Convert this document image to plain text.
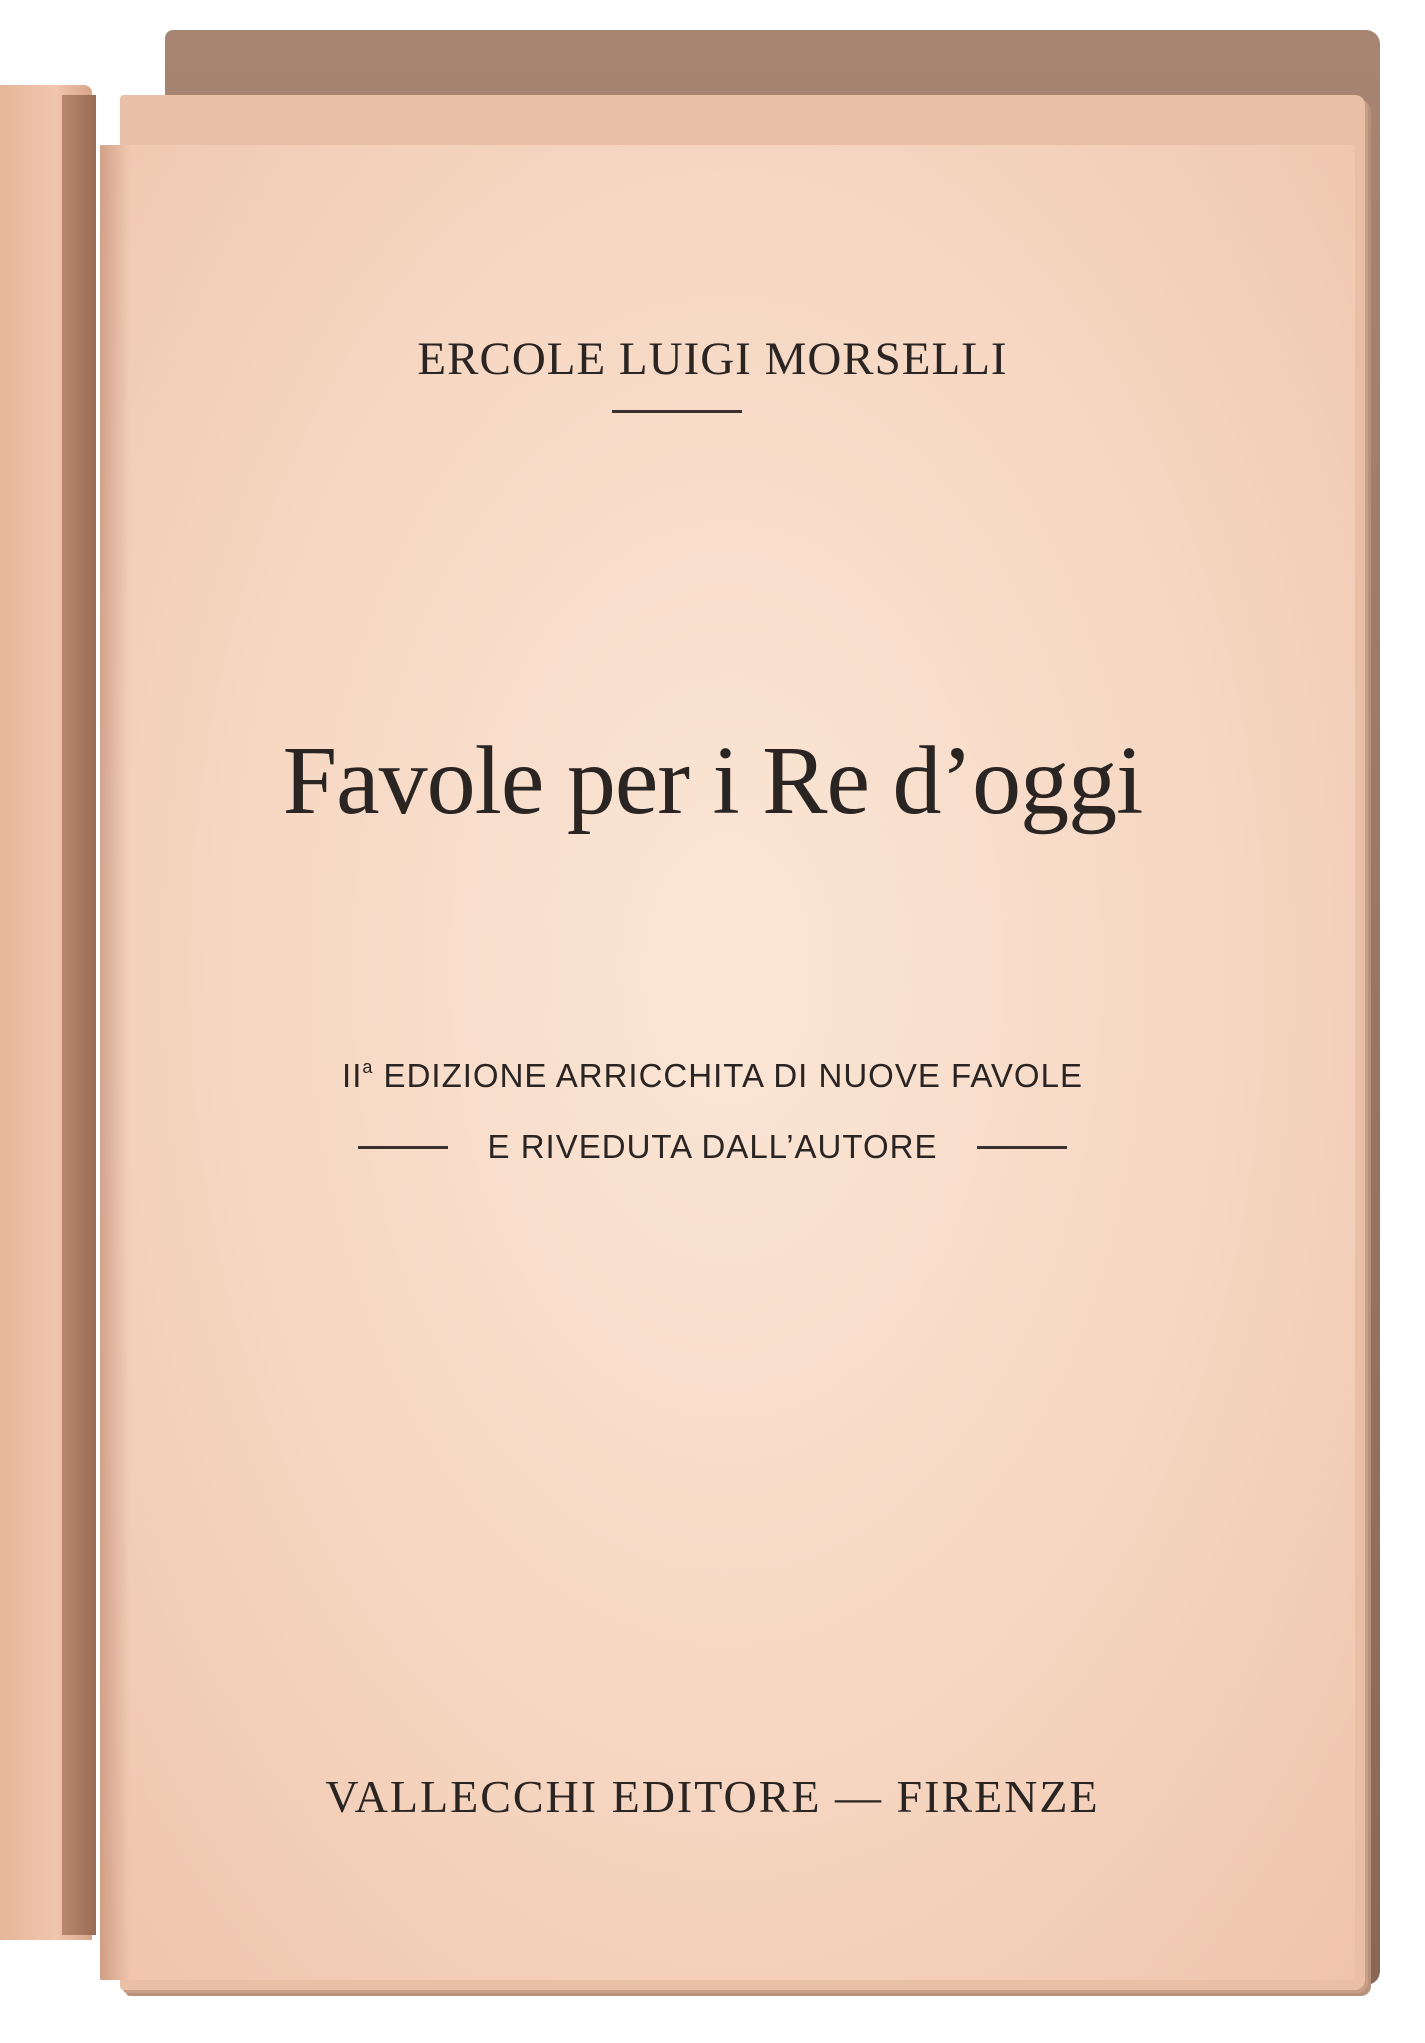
ERCOLE LUIGI MORSELLI
Favole per i Re d’oggi
$II^a$ EDIZIONE ARRICCHITA DI NUOVE FAVOLE
E RIVEDUTA DALL’AUTORE
VALLECCHI EDITORE — FIRENZE
